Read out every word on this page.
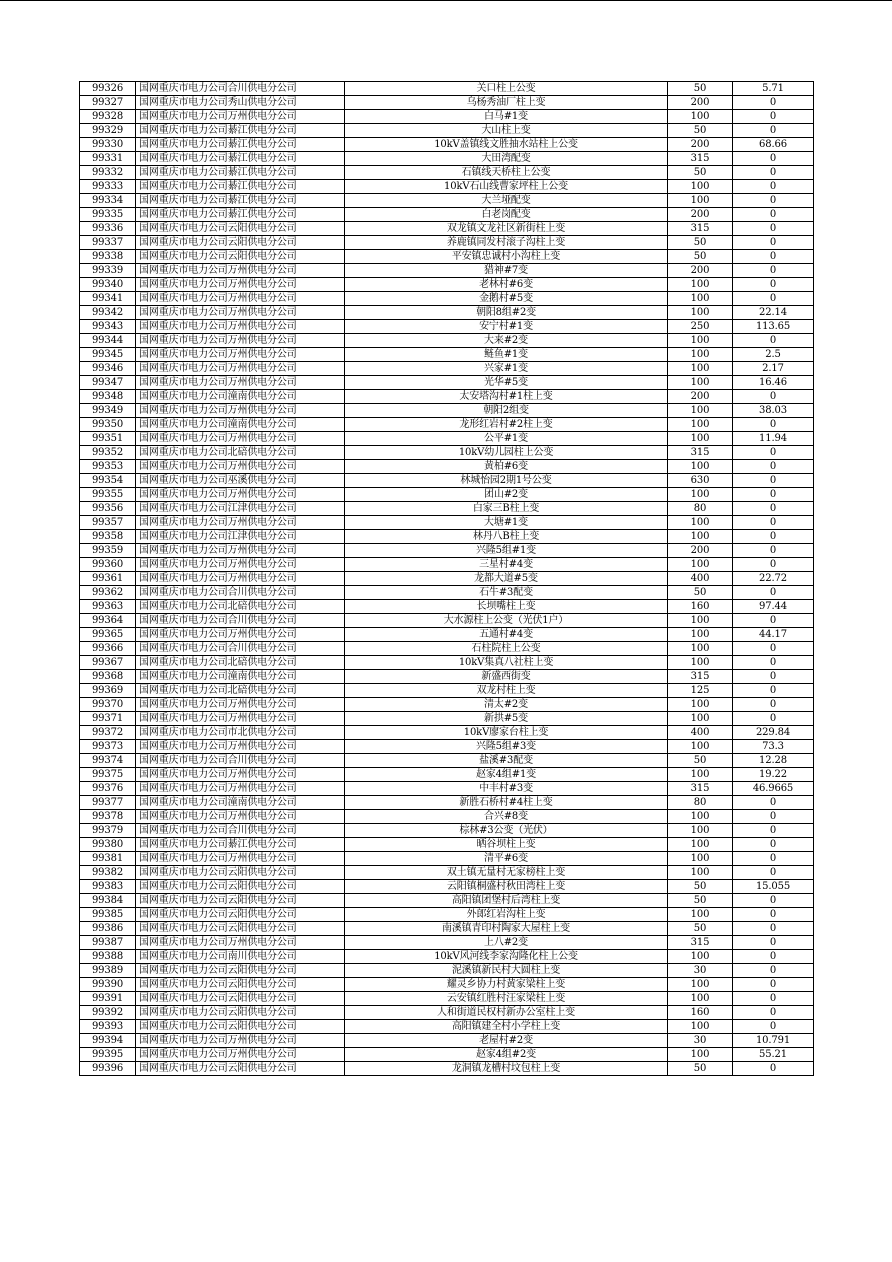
99326	国网重庆市电力公司合川供电分公司	关口柱上公变	50	5.71
99327	国网重庆市电力公司秀山供电分公司	乌杨秀油厂柱上变	200	0
99328	国网重庆市电力公司万州供电分公司	白马#1变	100	0
99329	国网重庆市电力公司綦江供电分公司	大山柱上变	50	0
99330	国网重庆市电力公司綦江供电分公司	10kV盖镇线文胜抽水站柱上公变	200	68.66
99331	国网重庆市电力公司綦江供电分公司	大田湾配变	315	0
99332	国网重庆市电力公司綦江供电分公司	石镇线天桥柱上公变	50	0
99333	国网重庆市电力公司綦江供电分公司	10kV石山线曹家坪柱上公变	100	0
99334	国网重庆市电力公司綦江供电分公司	大兰垭配变	100	0
99335	国网重庆市电力公司綦江供电分公司	白老岗配变	200	0
99336	国网重庆市电力公司云阳供电分公司	双龙镇文龙社区新街柱上变	315	0
99337	国网重庆市电力公司云阳供电分公司	养鹿镇同发村滚子沟柱上变	50	0
99338	国网重庆市电力公司云阳供电分公司	平安镇忠诚村小沟柱上变	50	0
99339	国网重庆市电力公司万州供电分公司	猎神#7变	200	0
99340	国网重庆市电力公司万州供电分公司	老林村#6变	100	0
99341	国网重庆市电力公司万州供电分公司	金鹅村#5变	100	0
99342	国网重庆市电力公司万州供电分公司	朝阳8组#2变	100	22.14
99343	国网重庆市电力公司万州供电分公司	安宁村#1变	250	113.65
99344	国网重庆市电力公司万州供电分公司	大来#2变	100	0
99345	国网重庆市电力公司万州供电分公司	鲢鱼#1变	100	2.5
99346	国网重庆市电力公司万州供电分公司	兴家#1变	100	2.17
99347	国网重庆市电力公司万州供电分公司	光华#5变	100	16.46
99348	国网重庆市电力公司潼南供电分公司	太安塔沟村#1柱上变	200	0
99349	国网重庆市电力公司万州供电分公司	朝阳2组变	100	38.03
99350	国网重庆市电力公司潼南供电分公司	龙形红岩村#2柱上变	100	0
99351	国网重庆市电力公司万州供电分公司	公平#1变	100	11.94
99352	国网重庆市电力公司北碚供电分公司	10kV幼儿园柱上公变	315	0
99353	国网重庆市电力公司万州供电分公司	黄柏#6变	100	0
99354	国网重庆市电力公司巫溪供电分公司	林城怡园2期1号公变	630	0
99355	国网重庆市电力公司万州供电分公司	团山#2变	100	0
99356	国网重庆市电力公司江津供电分公司	白家三B柱上变	80	0
99357	国网重庆市电力公司万州供电分公司	大塘#1变	100	0
99358	国网重庆市电力公司江津供电分公司	林丹八B柱上变	100	0
99359	国网重庆市电力公司万州供电分公司	兴隆5组#1变	200	0
99360	国网重庆市电力公司万州供电分公司	三星村#4变	100	0
99361	国网重庆市电力公司万州供电分公司	龙都大道#5变	400	22.72
99362	国网重庆市电力公司合川供电分公司	石牛#3配变	50	0
99363	国网重庆市电力公司北碚供电分公司	长坝嘴柱上变	160	97.44
99364	国网重庆市电力公司合川供电分公司	大水源柱上公变（光伏1户）	100	0
99365	国网重庆市电力公司万州供电分公司	五通村#4变	100	44.17
99366	国网重庆市电力公司合川供电分公司	石柱院柱上公变	100	0
99367	国网重庆市电力公司北碚供电分公司	10kV集真八社柱上变	100	0
99368	国网重庆市电力公司潼南供电分公司	新盛西街变	315	0
99369	国网重庆市电力公司北碚供电分公司	双龙村柱上变	125	0
99370	国网重庆市电力公司万州供电分公司	清太#2变	100	0
99371	国网重庆市电力公司万州供电分公司	新拱#5变	100	0
99372	国网重庆市电力公司市北供电分公司	10kV廖家台柱上变	400	229.84
99373	国网重庆市电力公司万州供电分公司	兴隆5组#3变	100	73.3
99374	国网重庆市电力公司合川供电分公司	盐溪#3配变	50	12.28
99375	国网重庆市电力公司万州供电分公司	赵家4组#1变	100	19.22
99376	国网重庆市电力公司万州供电分公司	中丰村#3变	315	46.9665
99377	国网重庆市电力公司潼南供电分公司	新胜石桥村#4柱上变	80	0
99378	国网重庆市电力公司万州供电分公司	合兴#8变	100	0
99379	国网重庆市电力公司合川供电分公司	棕林#3公变（光伏）	100	0
99380	国网重庆市电力公司綦江供电分公司	晒谷坝柱上变	100	0
99381	国网重庆市电力公司万州供电分公司	清平#6变	100	0
99382	国网重庆市电力公司云阳供电分公司	双土镇无量村无家榜柱上变	100	0
99383	国网重庆市电力公司云阳供电分公司	云阳镇桐盛村秋田湾柱上变	50	15.055
99384	国网重庆市电力公司云阳供电分公司	高阳镇团堡村后湾柱上变	50	0
99385	国网重庆市电力公司云阳供电分公司	外郎红岩沟柱上变	100	0
99386	国网重庆市电力公司云阳供电分公司	南溪镇青印村陶家大屋柱上变	50	0
99387	国网重庆市电力公司万州供电分公司	上八#2变	315	0
99388	国网重庆市电力公司南川供电分公司	10kV风河线李家沟隆化柱上公变	100	0
99389	国网重庆市电力公司云阳供电分公司	泥溪镇新民村大圆柱上变	30	0
99390	国网重庆市电力公司云阳供电分公司	耀灵乡协力村黄家梁柱上变	100	0
99391	国网重庆市电力公司云阳供电分公司	云安镇红胜村汪家梁柱上变	100	0
99392	国网重庆市电力公司云阳供电分公司	人和街道民权村新办公室柱上变	160	0
99393	国网重庆市电力公司云阳供电分公司	高阳镇建全村小学柱上变	100	0
99394	国网重庆市电力公司万州供电分公司	老屋村#2变	30	10.791
99395	国网重庆市电力公司万州供电分公司	赵家4组#2变	100	55.21
99396	国网重庆市电力公司云阳供电分公司	龙洞镇龙槽村坟包柱上变	50	0
